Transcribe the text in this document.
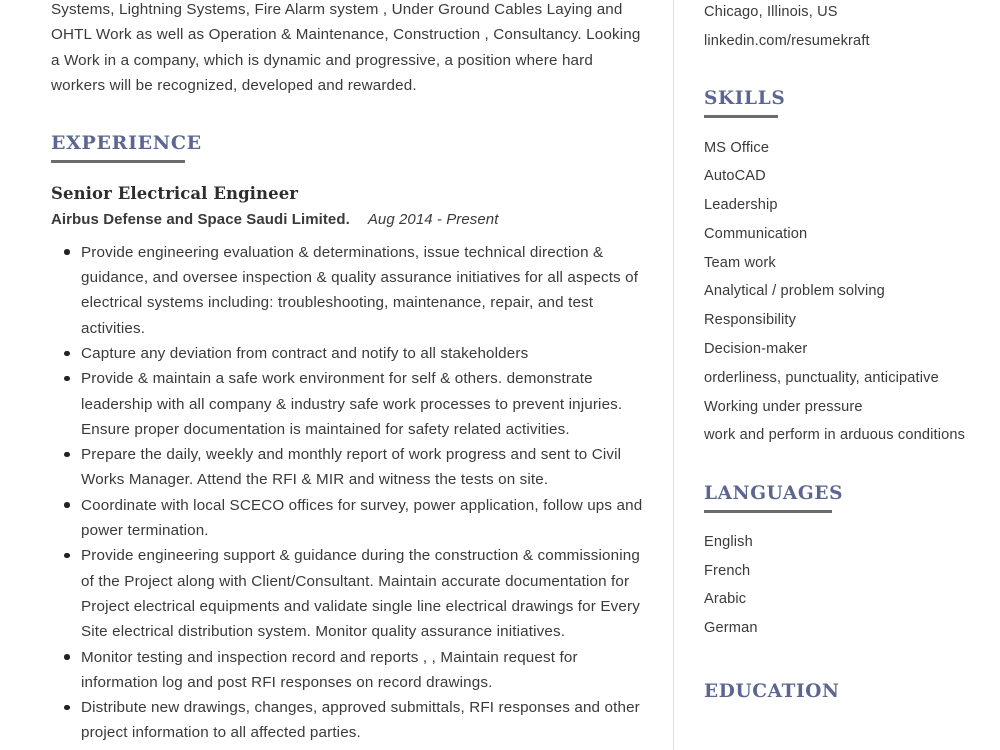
Systems, Lightning Systems, Fire Alarm system , Under Ground Cables Laying and OHTL Work as well as Operation & Maintenance, Construction , Consultancy. Looking a Work in a company, which is dynamic and progressive, a position where hard workers will be recognized, developed and rewarded.

EXPERIENCE
Senior Electrical Engineer
Airbus Defense and Space Saudi Limited. Aug 2014 - Present
Provide engineering evaluation & determinations, issue technical direction & guidance, and oversee inspection & quality assurance initiatives for all aspects of electrical systems including: troubleshooting, maintenance, repair, and test activities.
Capture any deviation from contract and notify to all stakeholders
Provide & maintain a safe work environment for self & others. demonstrate leadership with all company & industry safe work processes to prevent injuries. Ensure proper documentation is maintained for safety related activities.
Prepare the daily, weekly and monthly report of work progress and sent to Civil Works Manager. Attend the RFI & MIR and witness the tests on site.
Coordinate with local SCECO offices for survey, power application, follow ups and power termination.
Provide engineering support & guidance during the construction & commissioning of the Project along with Client/Consultant. Maintain accurate documentation for Project electrical equipments and validate single line electrical drawings for Every Site electrical distribution system. Monitor quality assurance initiatives.
Monitor testing and inspection record and reports , , Maintain request for information log and post RFI responses on record drawings.
Distribute new drawings, changes, approved submittals, RFI responses and other project information to all affected parties.
Chicago, Illinois, US
linkedin.com/resumekraft
SKILLS
MS Office
AutoCAD
Leadership
Communication
Team work
Analytical / problem solving
Responsibility
Decision-maker
orderliness, punctuality, anticipative
Working under pressure
work and perform in arduous conditions
LANGUAGES
English
French
Arabic
German
EDUCATION
